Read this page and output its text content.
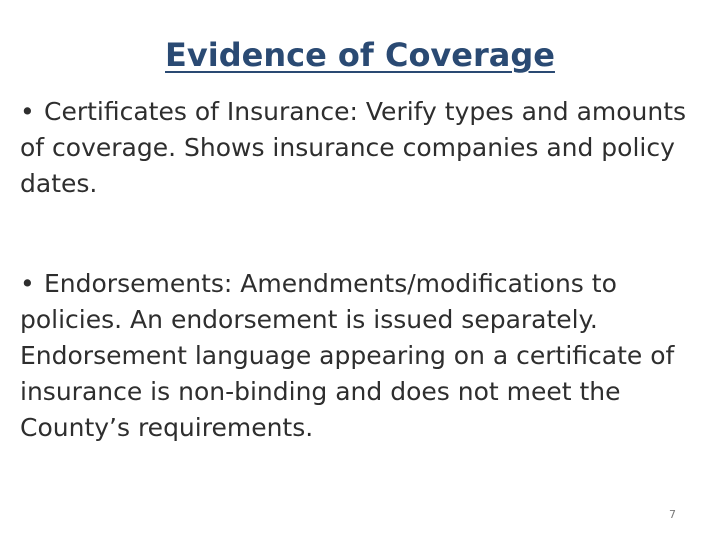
Evidence of Coverage

• Certificates of Insurance: Verify types and amounts of coverage. Shows insurance companies and policy dates.

• Endorsements: Amendments/modifications to policies. An endorsement is issued separately. Endorsement language appearing on a certificate of insurance is non-binding and does not meet the County’s requirements.

7
